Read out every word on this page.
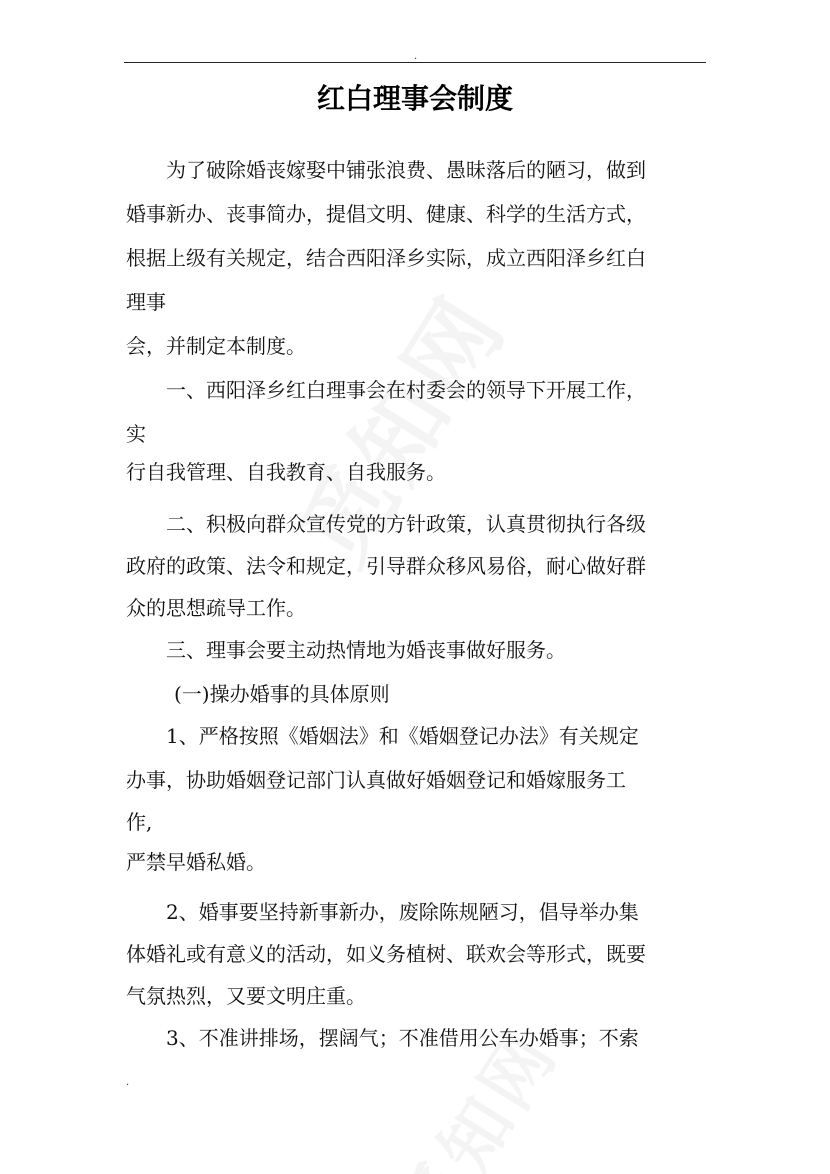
.
红白理事会制度
为了破除婚丧嫁娶中铺张浪费、愚昧落后的陋习，做到
婚事新办、丧事简办，提倡文明、健康、科学的生活方式，
根据上级有关规定，结合西阳泽乡实际，成立西阳泽乡红白
理事
会，并制定本制度。
一、西阳泽乡红白理事会在村委会的领导下开展工作，
实
行自我管理、自我教育、自我服务。
二、积极向群众宣传党的方针政策，认真贯彻执行各级
政府的政策、法令和规定，引导群众移风易俗，耐心做好群
众的思想疏导工作。
三、理事会要主动热情地为婚丧事做好服务。
(一)操办婚事的具体原则
1、严格按照《婚姻法》和《婚姻登记办法》有关规定
办事，协助婚姻登记部门认真做好婚姻登记和婚嫁服务工
作,
严禁早婚私婚。
2、婚事要坚持新事新办，废除陈规陋习，倡导举办集
体婚礼或有意义的活动，如义务植树、联欢会等形式，既要
气氛热烈，又要文明庄重。
3、不准讲排场，摆阔气；不准借用公车办婚事；不索
.
